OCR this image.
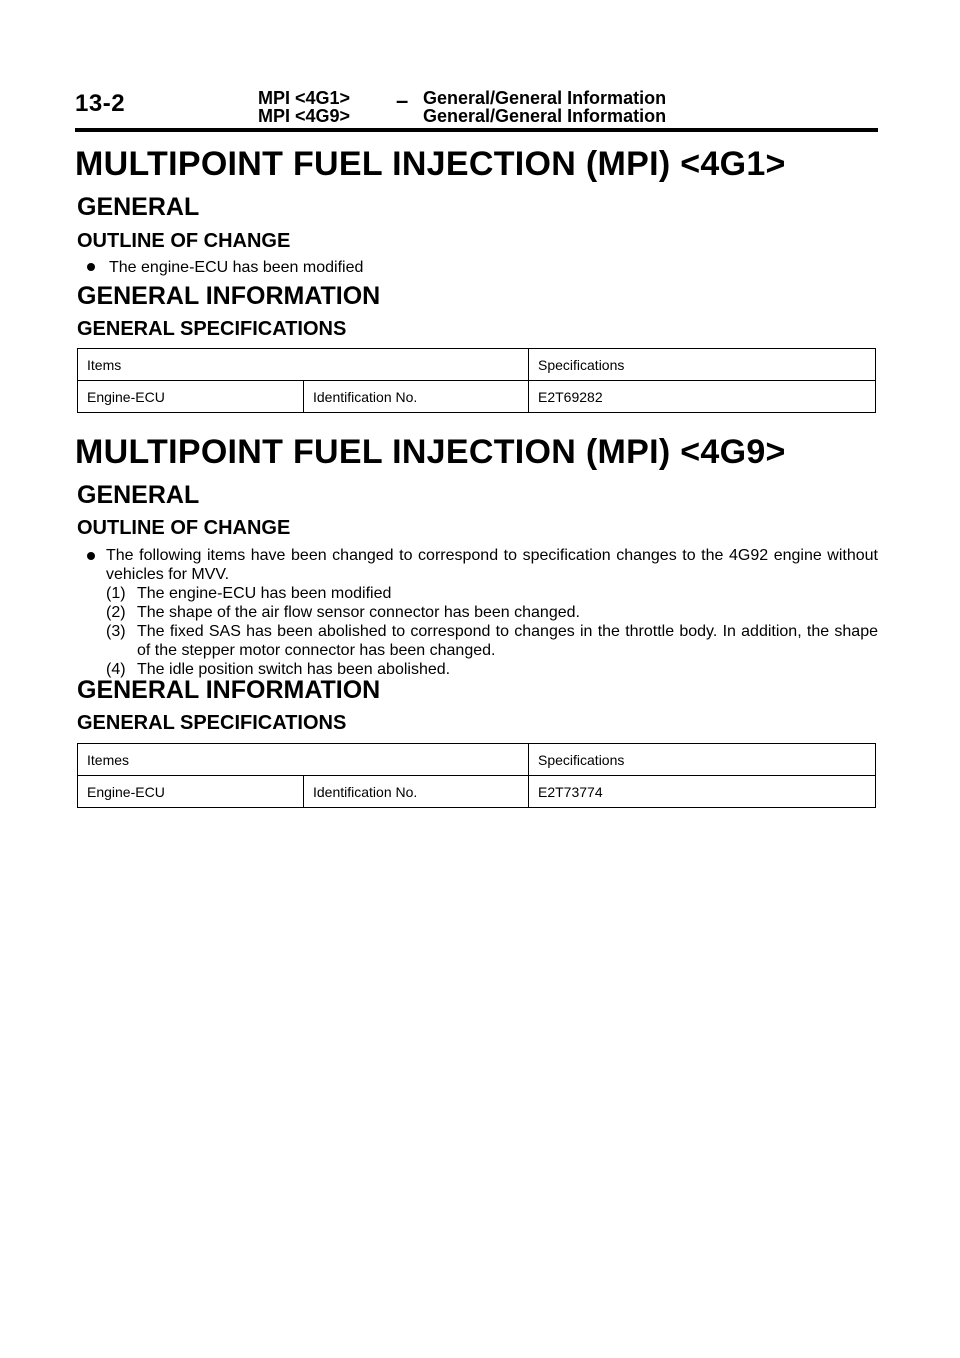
13-2	MPI <4G1>
MPI <4G9>
– General/General Information
General/General Information
MULTIPOINT FUEL INJECTION (MPI) <4G1>
GENERAL
OUTLINE OF CHANGE
The engine-ECU has been modified
GENERAL INFORMATION
GENERAL SPECIFICATIONS
Items		Specifications
Engine-ECU	Identification No.	E2T69282
MULTIPOINT FUEL INJECTION (MPI) <4G9>
GENERAL
OUTLINE OF CHANGE

The following items have been changed to correspond to specification changes to the 4G92 engine without vehicles for MVV.

(1) The engine-ECU has been modified
(2) The shape of the air flow sensor connector has been changed.
(3) The fixed SAS has been abolished to correspond to changes in the throttle body. In addition, the shape of the stepper motor connector has been changed.
(4) The idle position switch has been abolished.
GENERAL INFORMATION
GENERAL SPECIFICATIONS
Itemes		Specifications
Engine-ECU	Identification No.	E2T73774
